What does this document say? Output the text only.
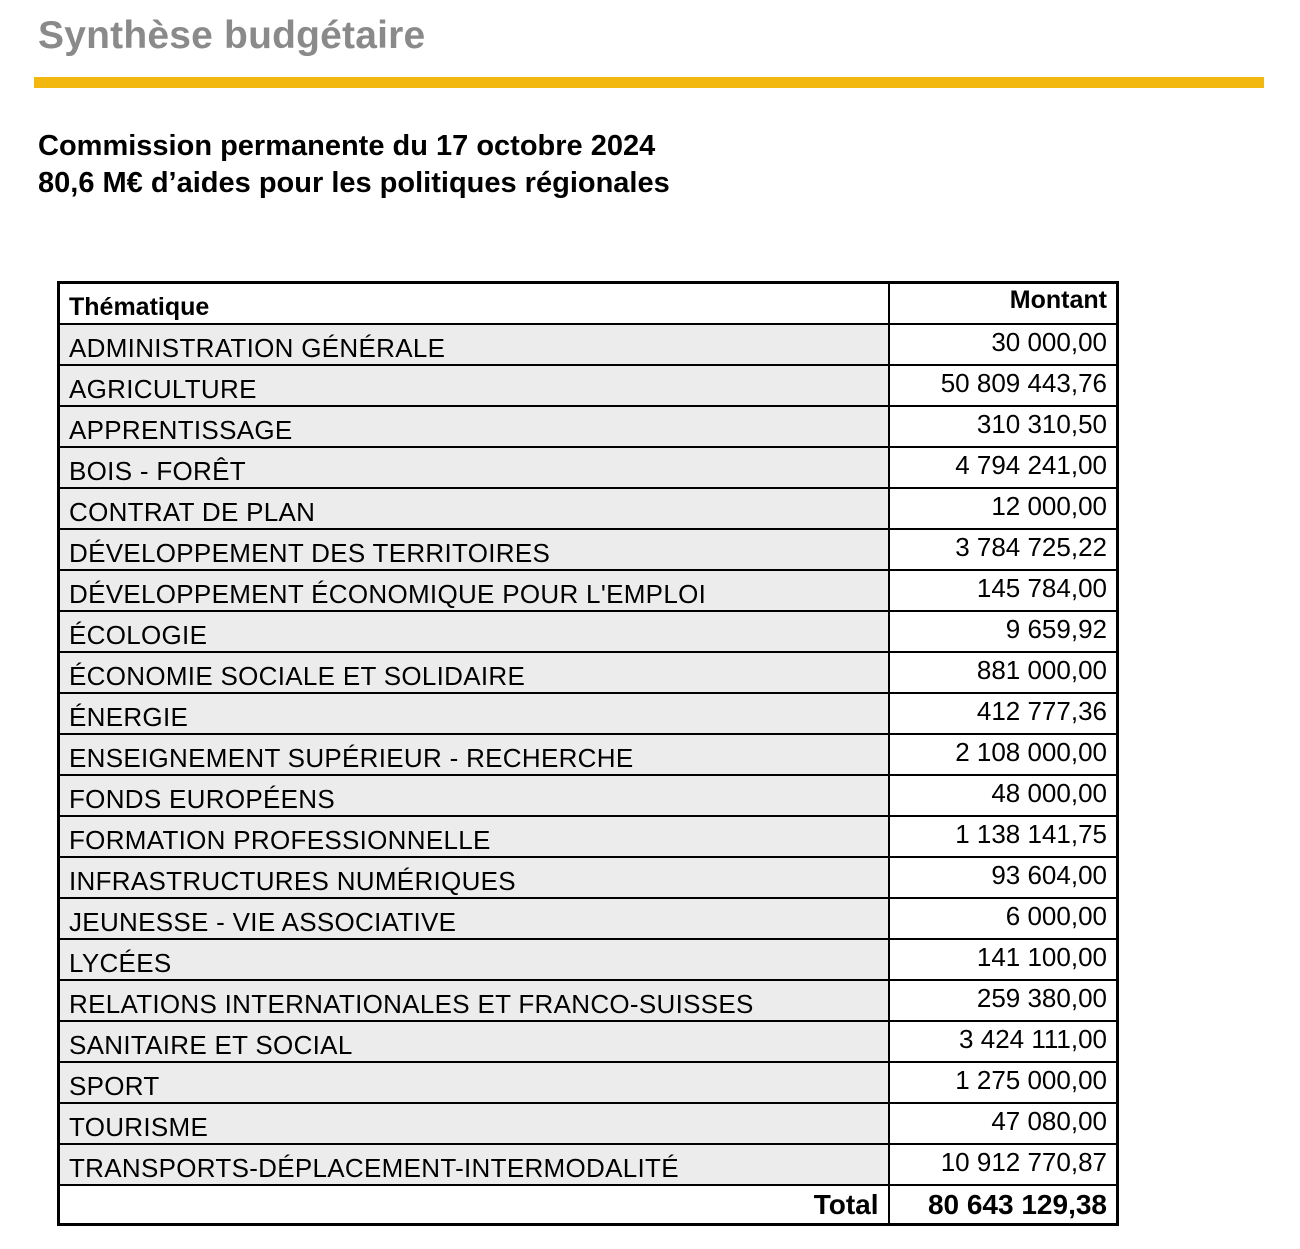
Synthèse budgétaire
Commission permanente du 17 octobre 2024
80,6 M€ d’aides pour les politiques régionales
Thématique	Montant
ADMINISTRATION GÉNÉRALE	30 000,00
AGRICULTURE	50 809 443,76
APPRENTISSAGE	310 310,50
BOIS - FORÊT	4 794 241,00
CONTRAT DE PLAN	12 000,00
DÉVELOPPEMENT DES TERRITOIRES	3 784 725,22
DÉVELOPPEMENT ÉCONOMIQUE POUR L'EMPLOI	145 784,00
ÉCOLOGIE	9 659,92
ÉCONOMIE SOCIALE ET SOLIDAIRE	881 000,00
ÉNERGIE	412 777,36
ENSEIGNEMENT SUPÉRIEUR - RECHERCHE	2 108 000,00
FONDS EUROPÉENS	48 000,00
FORMATION PROFESSIONNELLE	1 138 141,75
INFRASTRUCTURES NUMÉRIQUES	93 604,00
JEUNESSE - VIE ASSOCIATIVE	6 000,00
LYCÉES	141 100,00
RELATIONS INTERNATIONALES ET FRANCO-SUISSES	259 380,00
SANITAIRE ET SOCIAL	3 424 111,00
SPORT	1 275 000,00
TOURISME	47 080,00
TRANSPORTS-DÉPLACEMENT-INTERMODALITÉ	10 912 770,87
Total	80 643 129,38
